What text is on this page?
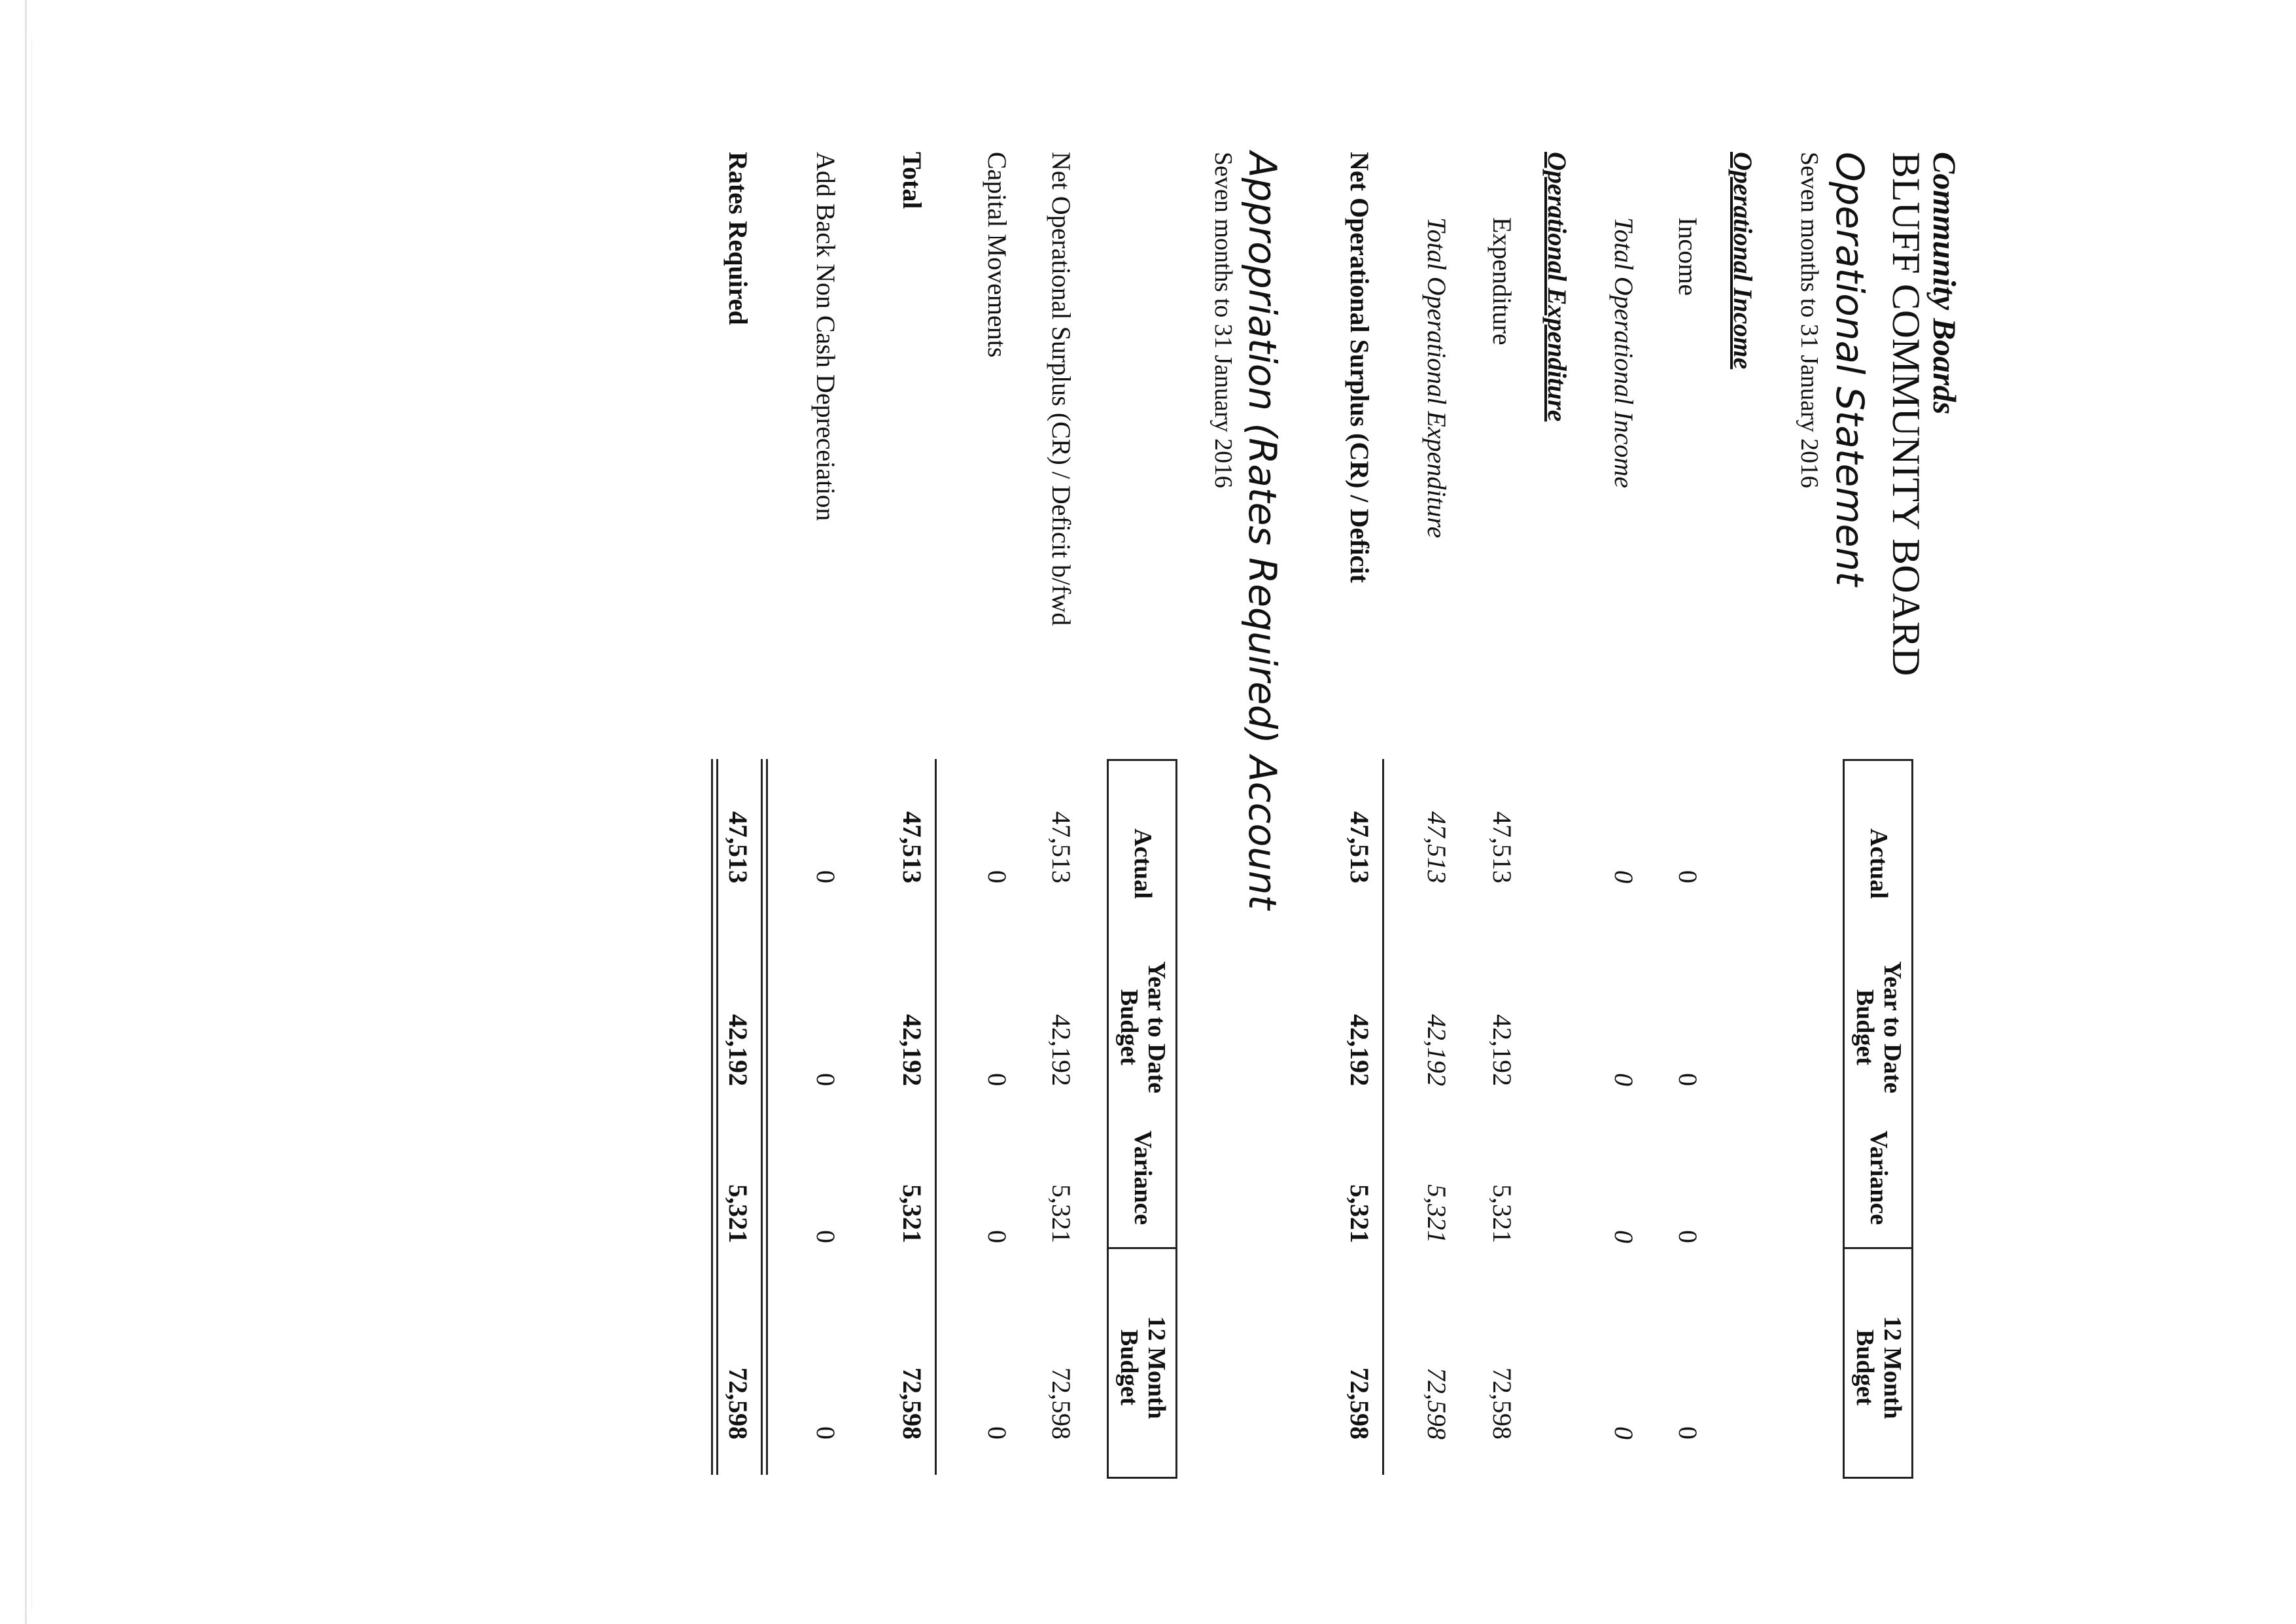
Community Boards
BLUFF COMMUNITY BOARD
Operational Statement
Seven months to 31 January 2016
Actual
Year to Date
Budget
Variance
12 Month
Budget
Operational Income
Income
0
0
0
0
Total Operational Income
0
0
0
0
Operational Expenditure
Expenditure
47,513
42,192
5,321
72,598
Total Operational Expenditure
47,513
42,192
5,321
72,598
Net Operational Surplus (CR) / Deficit
47,513
42,192
5,321
72,598
Appropriation (Rates Required) Account
Seven months to 31 January 2016
Actual
Year to Date
Budget
Variance
12 Month
Budget
Net Operational Surplus (CR) / Deficit b/fwd
47,513
42,192
5,321
72,598
Capital Movements
0
0
0
0
Total
47,513
42,192
5,321
72,598
Add Back Non Cash Depreceiation
0
0
0
0
Rates Required
47,513
42,192
5,321
72,598
